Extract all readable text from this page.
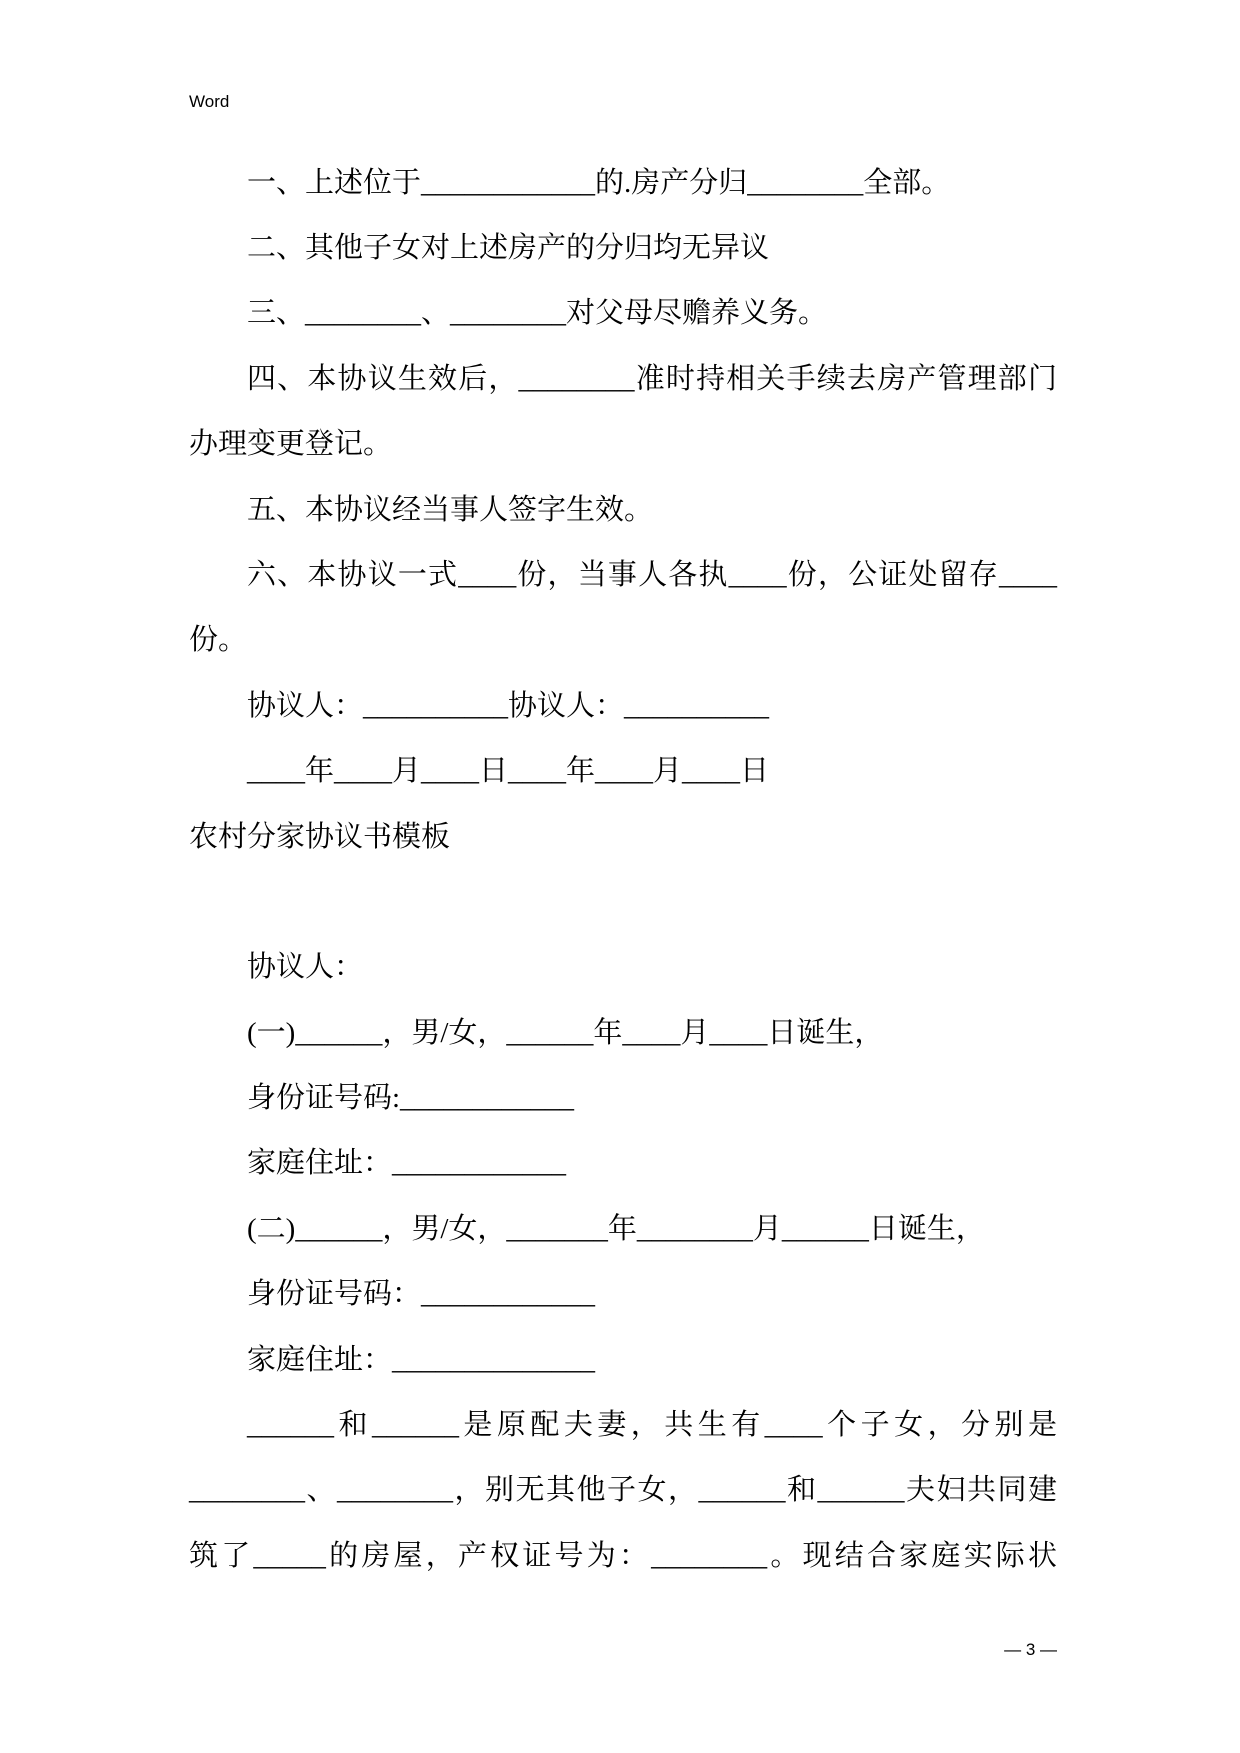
Word
一、上述位于____________的.房产分归________全部。
二、其他子女对上述房产的分归均无异议
三、________、________对父母尽赡养义务。
四、本协议生效后，________准时持相关手续去房产管理部门
办理变更登记。
五、本协议经当事人签字生效。
六、本协议一式____份，当事人各执____份，公证处留存____
份。
协议人：__________协议人：__________
____年____月____日____年____月____日
农村分家协议书模板
协议人：
(一)______，男/女，______年____月____日诞生，
身份证号码:____________
家庭住址：____________
(二)______，男/女，_______年________月______日诞生，
身份证号码：____________
家庭住址：______________
______和______是原配夫妻，共生有____个子女，分别是
________、________，别无其他子女，______和______夫妇共同建
筑了_____的房屋，产权证号为：________。现结合家庭实际状
— 3 —
